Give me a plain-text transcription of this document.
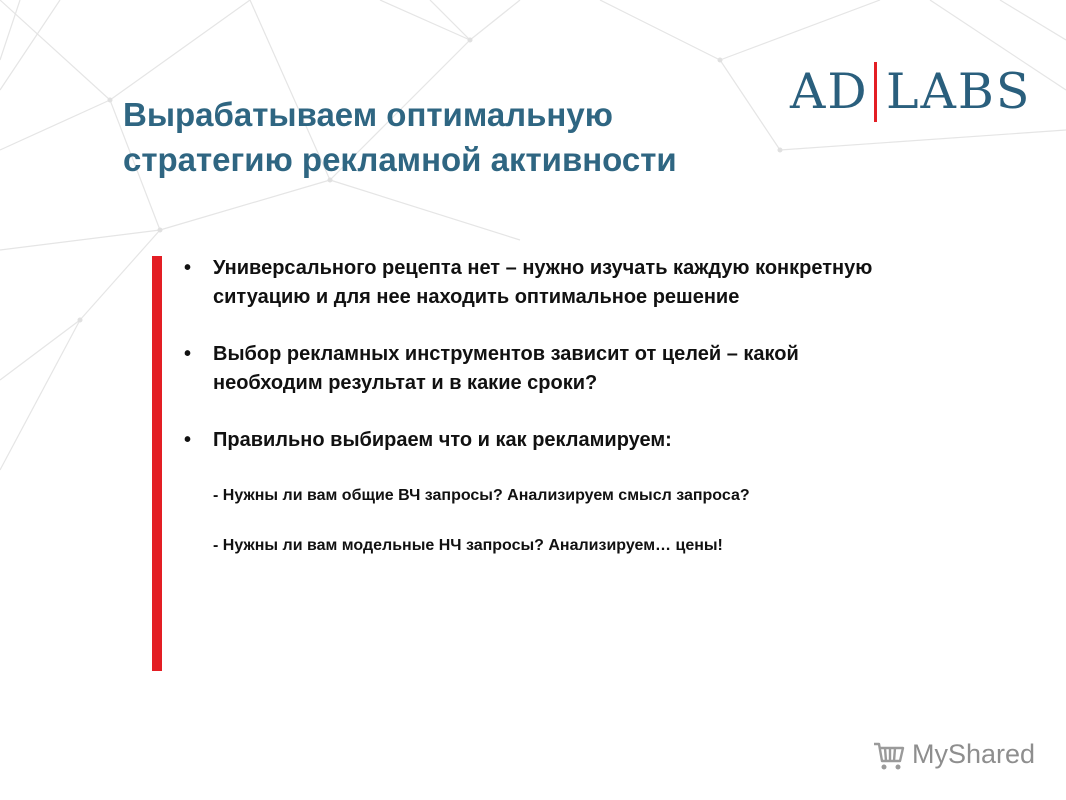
AD LABS
Вырабатываем оптимальную
стратегию рекламной активности
• Универсального рецепта нет – нужно изучать каждую конкретную
ситуацию и для нее находить оптимальное решение
• Выбор рекламных инструментов зависит от целей – какой
необходим результат и в какие сроки?
• Правильно выбираем что и как рекламируем:
- Нужны ли вам общие ВЧ запросы? Анализируем смысл запроса?
- Нужны ли вам модельные НЧ запросы? Анализируем… цены!
MyShared
